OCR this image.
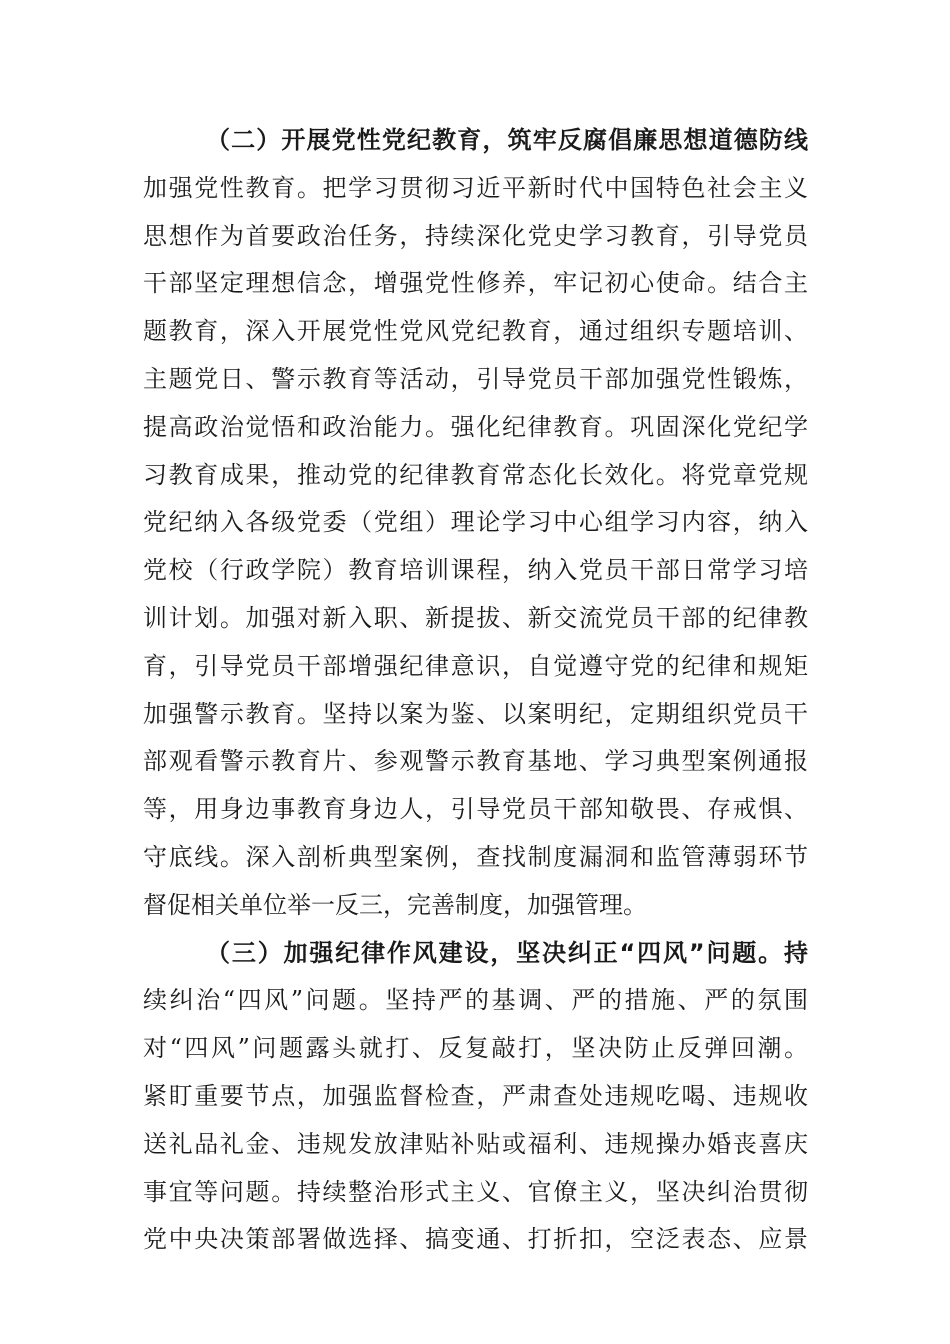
（二）开展党性党纪教育，筑牢反腐倡廉思想道德防线
加强党性教育。把学习贯彻习近平新时代中国特色社会主义
思想作为首要政治任务，持续深化党史学习教育，引导党员
干部坚定理想信念，增强党性修养，牢记初心使命。结合主
题教育，深入开展党性党风党纪教育，通过组织专题培训、
主题党日、警示教育等活动，引导党员干部加强党性锻炼，
提高政治觉悟和政治能力。强化纪律教育。巩固深化党纪学
习教育成果，推动党的纪律教育常态化长效化。将党章党规
党纪纳入各级党委（党组）理论学习中心组学习内容，纳入
党校（行政学院）教育培训课程，纳入党员干部日常学习培
训计划。加强对新入职、新提拔、新交流党员干部的纪律教
育，引导党员干部增强纪律意识，自觉遵守党的纪律和规矩
加强警示教育。坚持以案为鉴、以案明纪，定期组织党员干
部观看警示教育片、参观警示教育基地、学习典型案例通报
等，用身边事教育身边人，引导党员干部知敬畏、存戒惧、
守底线。深入剖析典型案例，查找制度漏洞和监管薄弱环节
督促相关单位举一反三，完善制度，加强管理。
（三）加强纪律作风建设，坚决纠正“四风”问题。持
续纠治“四风”问题。坚持严的基调、严的措施、严的氛围
对“四风”问题露头就打、反复敲打，坚决防止反弹回潮。
紧盯重要节点，加强监督检查，严肃查处违规吃喝、违规收
送礼品礼金、违规发放津贴补贴或福利、违规操办婚丧喜庆
事宜等问题。持续整治形式主义、官僚主义，坚决纠治贯彻
党中央决策部署做选择、搞变通、打折扣，空泛表态、应景
